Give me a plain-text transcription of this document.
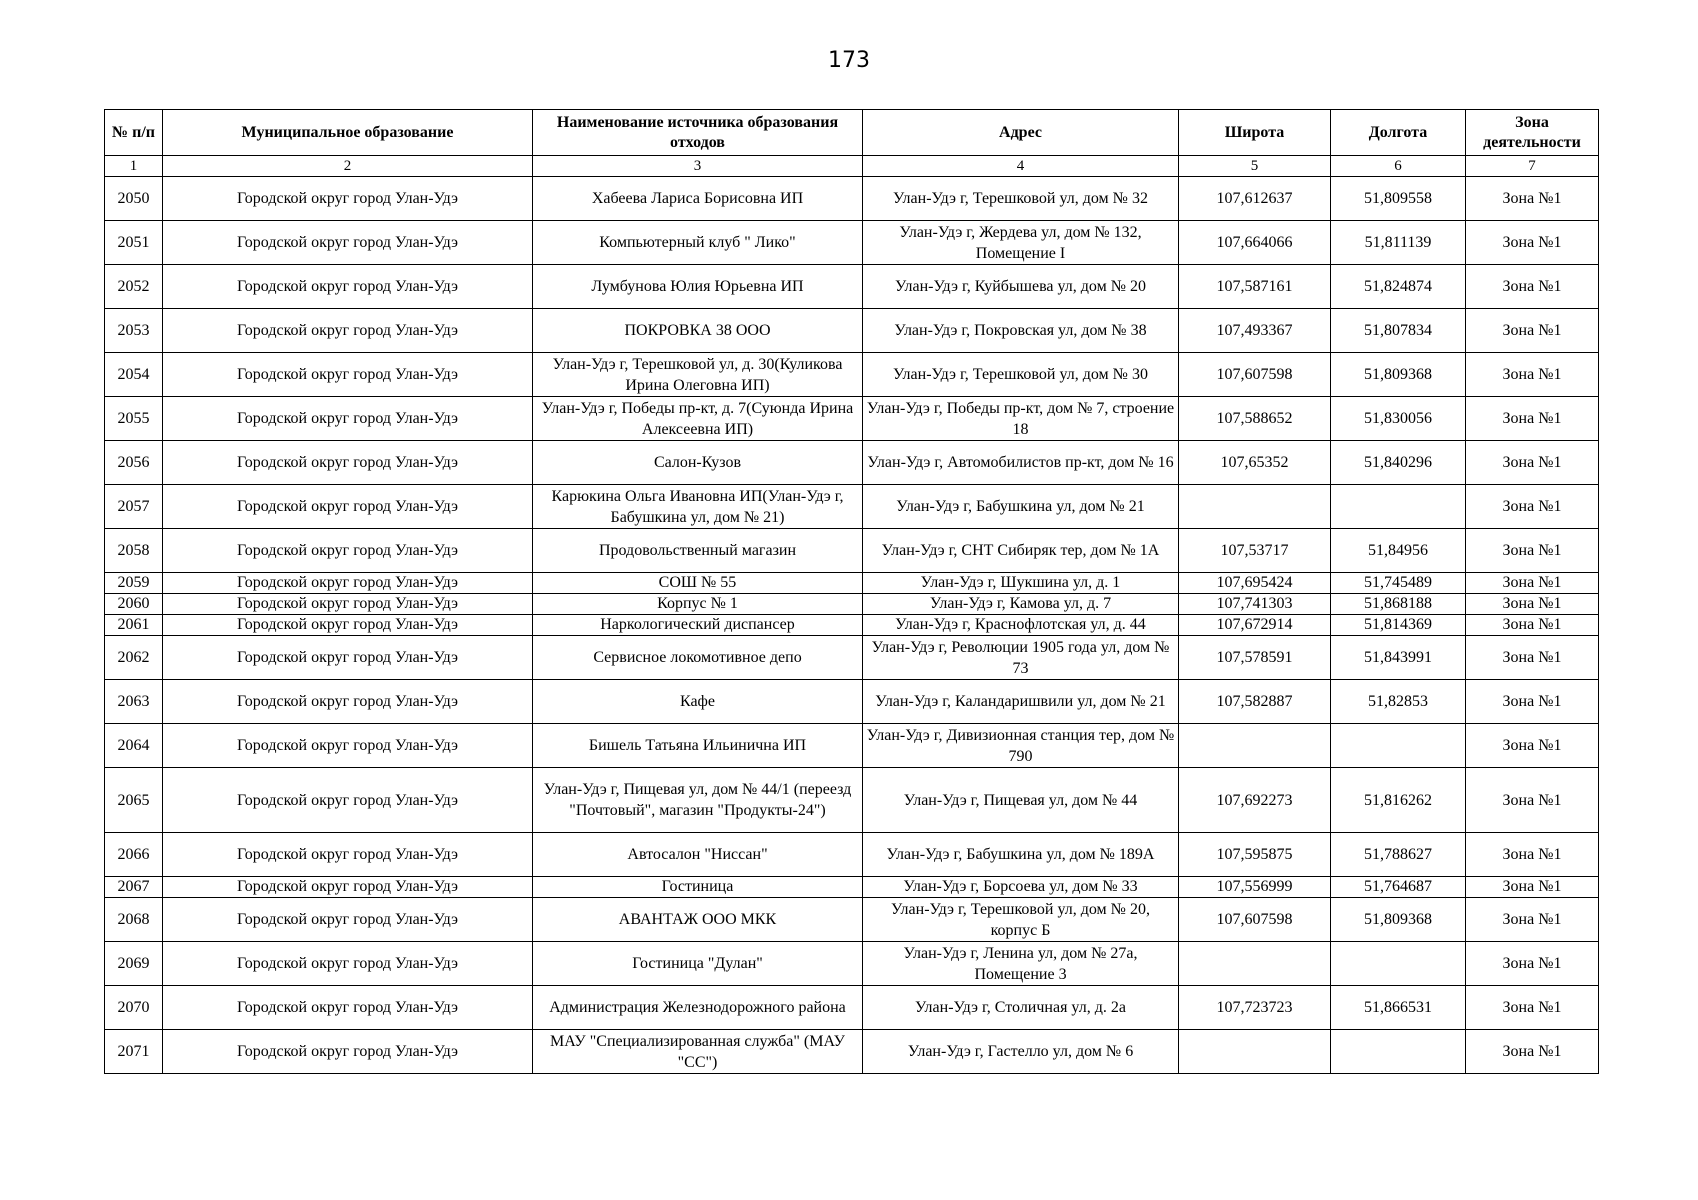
173
№ п/п	Муниципальное образование	Наименование источника образования отходов	Адрес	Широта	Долгота	Зона деятельности
1	2	3	4	5	6	7
2050	Городской округ город Улан-Удэ	Хабеева Лариса Борисовна ИП	Улан-Удэ г, Терешковой ул, дом № 32	107,612637	51,809558	Зона №1
2051	Городской округ город Улан-Удэ	Компьютерный клуб " Лико"	Улан-Удэ г, Жердева ул, дом № 132, Помещение I	107,664066	51,811139	Зона №1
2052	Городской округ город Улан-Удэ	Лумбунова Юлия Юрьевна ИП	Улан-Удэ г, Куйбышева ул, дом № 20	107,587161	51,824874	Зона №1
2053	Городской округ город Улан-Удэ	ПОКРОВКА 38 ООО	Улан-Удэ г, Покровская ул, дом № 38	107,493367	51,807834	Зона №1
2054	Городской округ город Улан-Удэ	Улан-Удэ г, Терешковой ул, д. 30(Куликова Ирина Олеговна ИП)	Улан-Удэ г, Терешковой ул, дом № 30	107,607598	51,809368	Зона №1
2055	Городской округ город Улан-Удэ	Улан-Удэ г, Победы пр-кт, д. 7(Суюнда Ирина Алексеевна ИП)	Улан-Удэ г, Победы пр-кт, дом № 7, строение 18	107,588652	51,830056	Зона №1
2056	Городской округ город Улан-Удэ	Салон-Кузов	Улан-Удэ г, Автомобилистов пр-кт, дом № 16	107,65352	51,840296	Зона №1
2057	Городской округ город Улан-Удэ	Карюкина Ольга Ивановна ИП(Улан-Удэ г, Бабушкина ул, дом № 21)	Улан-Удэ г, Бабушкина ул, дом № 21			Зона №1
2058	Городской округ город Улан-Удэ	Продовольственный магазин	Улан-Удэ г, СНТ Сибиряк тер, дом № 1А	107,53717	51,84956	Зона №1
2059	Городской округ город Улан-Удэ	СОШ № 55	Улан-Удэ г, Шукшина ул, д. 1	107,695424	51,745489	Зона №1
2060	Городской округ город Улан-Удэ	Корпус № 1	Улан-Удэ г, Камова ул, д. 7	107,741303	51,868188	Зона №1
2061	Городской округ город Улан-Удэ	Наркологический диспансер	Улан-Удэ г, Краснофлотская ул, д. 44	107,672914	51,814369	Зона №1
2062	Городской округ город Улан-Удэ	Сервисное локомотивное депо	Улан-Удэ г, Революции 1905 года ул, дом № 73	107,578591	51,843991	Зона №1
2063	Городской округ город Улан-Удэ	Кафе	Улан-Удэ г, Каландаришвили ул, дом № 21	107,582887	51,82853	Зона №1
2064	Городской округ город Улан-Удэ	Бишель Татьяна Ильинична ИП	Улан-Удэ г, Дивизионная станция тер, дом № 790			Зона №1
2065	Городской округ город Улан-Удэ	Улан-Удэ г, Пищевая ул, дом № 44/1 (переезд "Почтовый", магазин "Продукты-24")	Улан-Удэ г, Пищевая ул, дом № 44	107,692273	51,816262	Зона №1
2066	Городской округ город Улан-Удэ	Автосалон "Ниссан"	Улан-Удэ г, Бабушкина ул, дом № 189А	107,595875	51,788627	Зона №1
2067	Городской округ город Улан-Удэ	Гостиница	Улан-Удэ г, Борсоева ул, дом № 33	107,556999	51,764687	Зона №1
2068	Городской округ город Улан-Удэ	АВАНТАЖ ООО МКК	Улан-Удэ г, Терешковой ул, дом № 20, корпус Б	107,607598	51,809368	Зона №1
2069	Городской округ город Улан-Удэ	Гостиница "Дулан"	Улан-Удэ г, Ленина ул, дом № 27а, Помещение 3			Зона №1
2070	Городской округ город Улан-Удэ	Администрация Железнодорожного района	Улан-Удэ г, Столичная ул, д. 2а	107,723723	51,866531	Зона №1
2071	Городской округ город Улан-Удэ	МАУ "Специализированная служба" (МАУ "СС")	Улан-Удэ г, Гастелло ул, дом № 6			Зона №1
